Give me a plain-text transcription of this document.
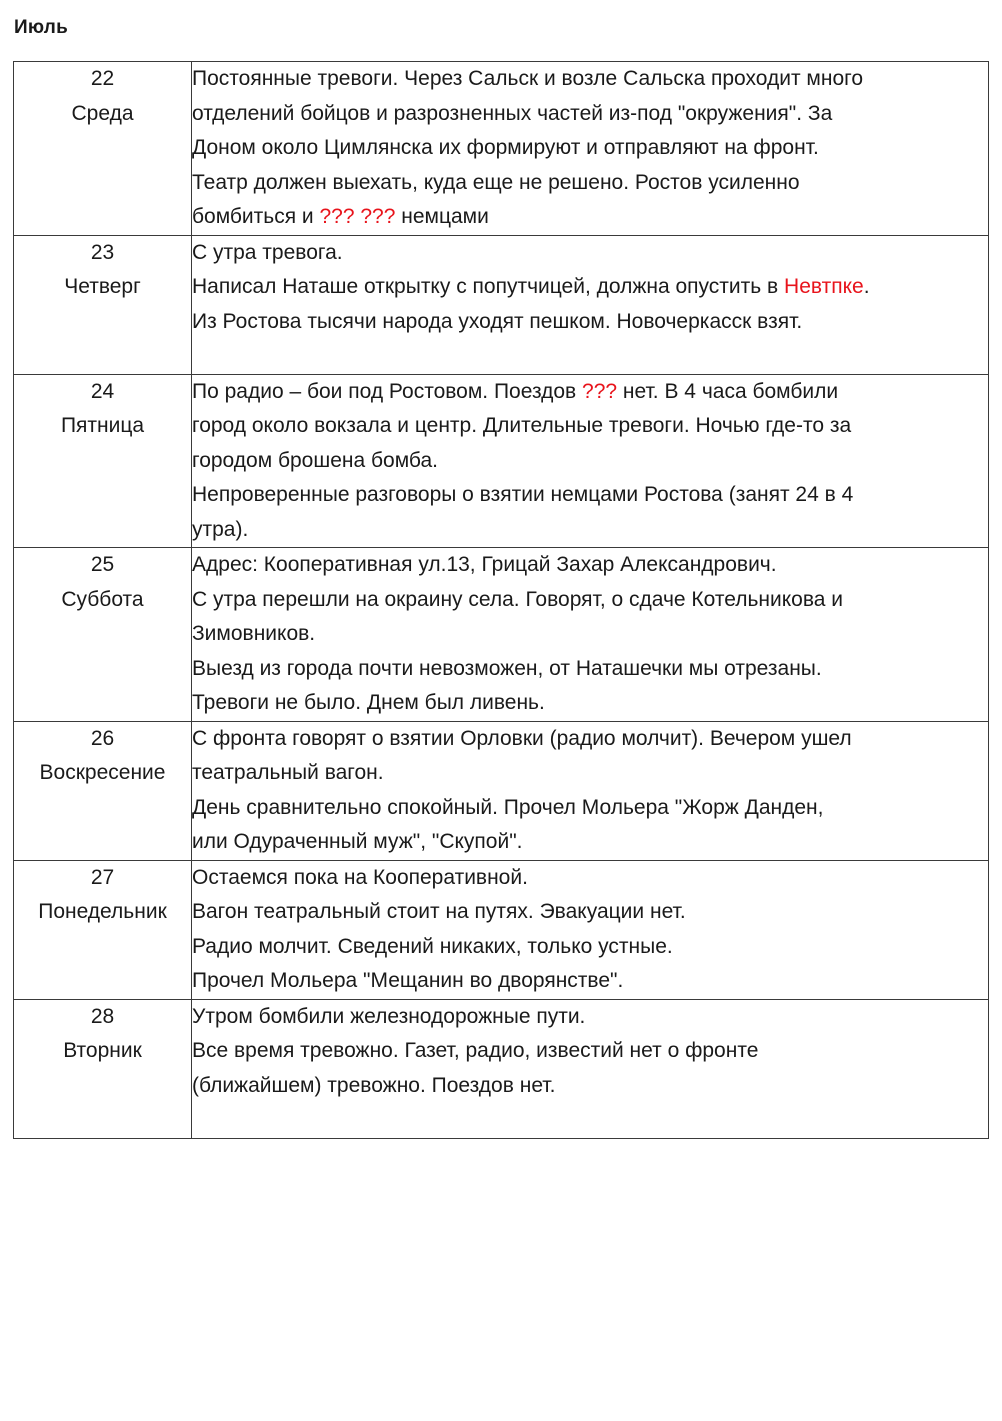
Июль
22
Среда	Постоянные тревоги. Через Сальск и возле Сальска проходит много
отделений бойцов и разрозненных частей из-под "окружения". За
Доном около Цимлянска их формируют и отправляют на фронт.
Театр должен выехать, куда еще не решено. Ростов усиленно
бомбиться и ??? ??? немцами

23
Четверг	С утра тревога.
Написал Наташе открытку с попутчицей, должна опустить в Невтпке.
Из Ростова тысячи народа уходят пешком. Новочеркасск взят.

24
Пятница	По радио – бои под Ростовом. Поездов ??? нет. В 4 часа бомбили
город около вокзала и центр. Длительные тревоги. Ночью где-то за
городом брошена бомба.
Непроверенные разговоры о взятии немцами Ростова (занят 24 в 4
утра).

25
Суббота	Адрес: Кооперативная ул.13, Грицай Захар Александрович.
С утра перешли на окраину села. Говорят, о сдаче Котельникова и
Зимовников.
Выезд из города почти невозможен, от Наташечки мы отрезаны.
Тревоги не было. Днем был ливень.

26
Воскресение	С фронта говорят о взятии Орловки (радио молчит). Вечером ушел
театральный вагон.
День сравнительно спокойный. Прочел Мольера "Жорж Данден,
или Одураченный муж", "Скупой".

27
Понедельник	Остаемся пока на Кооперативной.
Вагон театральный стоит на путях. Эвакуации нет.
Радио молчит. Сведений никаких, только устные.
Прочел Мольера "Мещанин во дворянстве".

28
Вторник	Утром бомбили железнодорожные пути.
Все время тревожно. Газет, радио, известий нет о фронте
(ближайшем) тревожно. Поездов нет.
